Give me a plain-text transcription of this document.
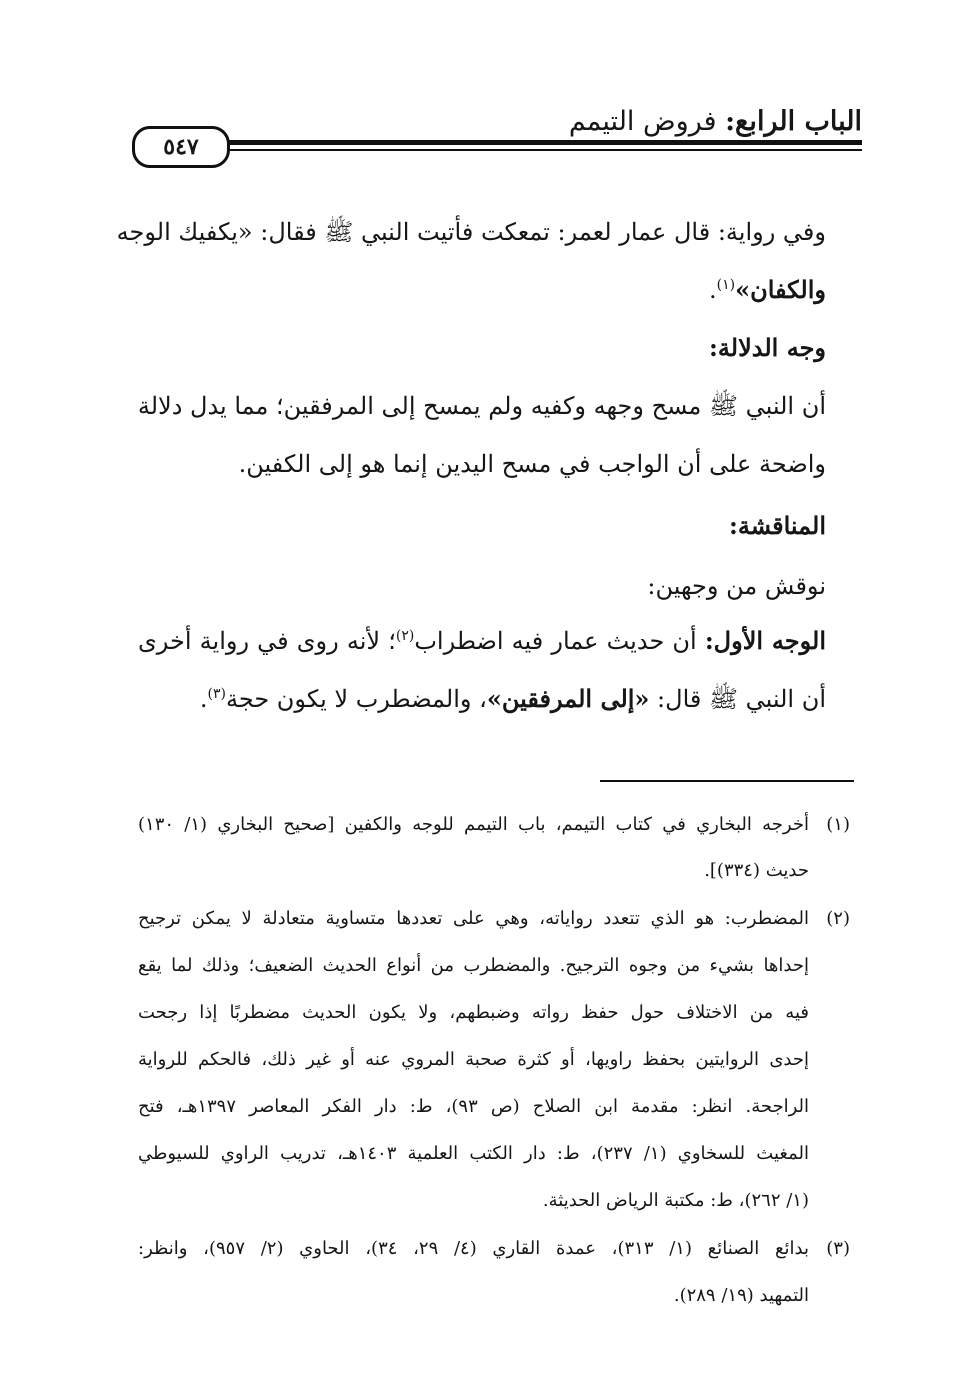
الباب الرابع: فروض التيمم
٥٤٧
وفي رواية: قال عمار لعمر: تمعكت فأتيت النبي ﷺ فقال: «يكفيك الوجه
والكفان»$^{(١)}$.
وجه الدلالة:
أن النبي ﷺ مسح وجهه وكفيه ولم يمسح إلى المرفقين؛ مما يدل دلالة
واضحة على أن الواجب في مسح اليدين إنما هو إلى الكفين.
المناقشة:
نوقش من وجهين:
الوجه الأول: أن حديث عمار فيه اضطراب$^{(٢)}$؛ لأنه روى في رواية أخرى
أن النبي ﷺ قال: «إلى المرفقين»، والمضطرب لا يكون حجة$^{(٣)}$.
(١)
أخرجه البخاري في كتاب التيمم، باب التيمم للوجه والكفين [صحيح البخاري (١/ ١٣٠)
حديث (٣٣٤)].
(٢)
المضطرب: هو الذي تتعدد رواياته، وهي على تعددها متساوية متعادلة لا يمكن ترجيح
إحداها بشيء من وجوه الترجيح. والمضطرب من أنواع الحديث الضعيف؛ وذلك لما يقع
فيه من الاختلاف حول حفظ رواته وضبطهم، ولا يكون الحديث مضطربًا إذا رجحت
إحدى الروايتين بحفظ راويها، أو كثرة صحبة المروي عنه أو غير ذلك، فالحكم للرواية
الراجحة. انظر: مقدمة ابن الصلاح (ص ٩٣)، ط: دار الفكر المعاصر ١٣٩٧هـ، فتح
المغيث للسخاوي (١/ ٢٣٧)، ط: دار الكتب العلمية ١٤٠٣هـ، تدريب الراوي للسيوطي
(١/ ٢٦٢)، ط: مكتبة الرياض الحديثة.
(٣)
بدائع الصنائع (١/ ٣١٣)، عمدة القاري (٤/ ٢٩، ٣٤)، الحاوي (٢/ ٩٥٧)، وانظر:
التمهيد (١٩/ ٢٨٩).
